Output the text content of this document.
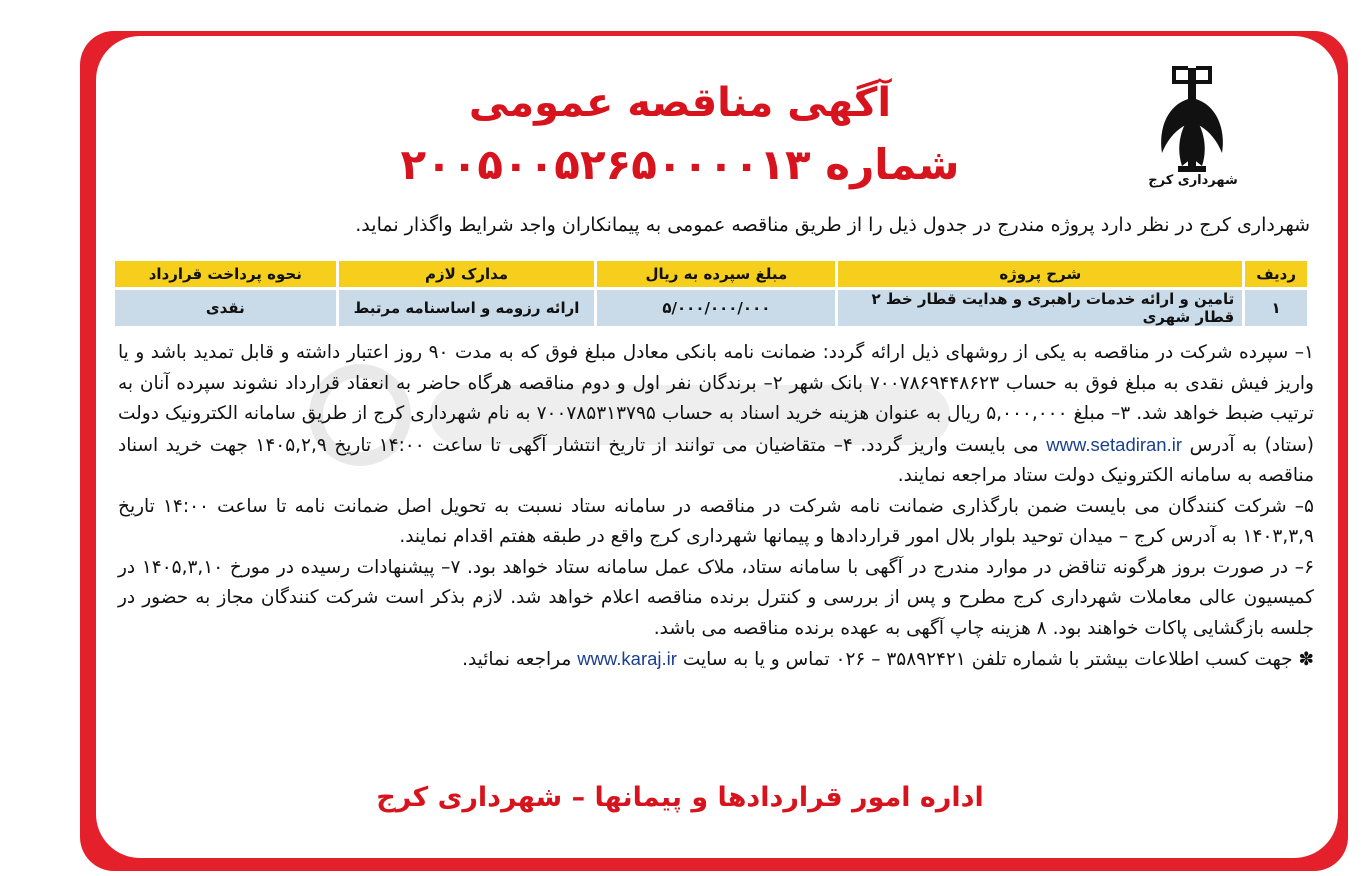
شهرداری کرج
آگهی مناقصه عمومی
شماره ۲۰۰۵۰۰۵۲۶۵۰۰۰۰۱۳
شهرداری کرج در نظر دارد پروژه مندرج در جدول ذیل را از طریق مناقصه عمومی به پیمانکاران واجد شرایط واگذار نماید.
ردیف	شرح پروژه	مبلغ سپرده به ریال	مدارک لازم	نحوه پرداخت قرارداد
۱	تامین و ارائه خدمات راهبری و هدایت قطار خط ۲ قطار شهری	۵/۰۰۰/۰۰۰/۰۰۰	ارائه رزومه و اساسنامه مرتبط	نقدی

۱– سپرده شرکت در مناقصه به یکی از روشهای ذیل ارائه گردد: ضمانت نامه بانکی معادل مبلغ فوق که به مدت ۹۰ روز اعتبار داشته و قابل تمدید باشد و یا واریز فیش نقدی به مبلغ فوق به حساب ۷۰۰۷۸۶۹۴۴۸۶۲۳ بانک شهر ۲– برندگان نفر اول و دوم مناقصه هرگاه حاضر به انعقاد قرارداد نشوند سپرده آنان به ترتیب ضبط خواهد شد. ۳– مبلغ ۵,۰۰۰,۰۰۰ ریال به عنوان هزینه خرید اسناد به حساب ۷۰۰۷۸۵۳۱۳۷۹۵ به نام شهرداری کرج از طریق سامانه الکترونیک دولت (ستاد) به آدرس www.setadiran.ir می بایست واریز گردد. ۴– متقاضیان می توانند از تاریخ انتشار آگهی تا ساعت ۱۴:۰۰ تاریخ ۱۴۰۵,۲,۹ جهت خرید اسناد مناقصه به سامانه الکترونیک دولت ستاد مراجعه نمایند.

۵– شرکت کنندگان می بایست ضمن بارگذاری ضمانت نامه شرکت در مناقصه در سامانه ستاد نسبت به تحویل اصل ضمانت نامه تا ساعت ۱۴:۰۰ تاریخ ۱۴۰۳,۳,۹ به آدرس کرج – میدان توحید بلوار بلال امور قراردادها و پیمانها شهرداری کرج واقع در طبقه هفتم اقدام نمایند.

۶– در صورت بروز هرگونه تناقض در موارد مندرج در آگهی با سامانه ستاد، ملاک عمل سامانه ستاد خواهد بود. ۷– پیشنهادات رسیده در مورخ ۱۴۰۵,۳,۱۰ در کمیسیون عالی معاملات شهرداری کرج مطرح و پس از بررسی و کنترل برنده مناقصه اعلام خواهد شد. لازم بذکر است شرکت کنندگان مجاز به حضور در جلسه بازگشایی پاکات خواهند بود. ۸ هزینه چاپ آگهی به عهده برنده مناقصه می باشد.

✽ جهت کسب اطلاعات بیشتر با شماره تلفن ۳۵۸۹۲۴۲۱ – ۰۲۶ تماس و یا به سایت www.karaj.ir مراجعه نمائید.

اداره امور قراردادها و پیمانها – شهرداری کرج
